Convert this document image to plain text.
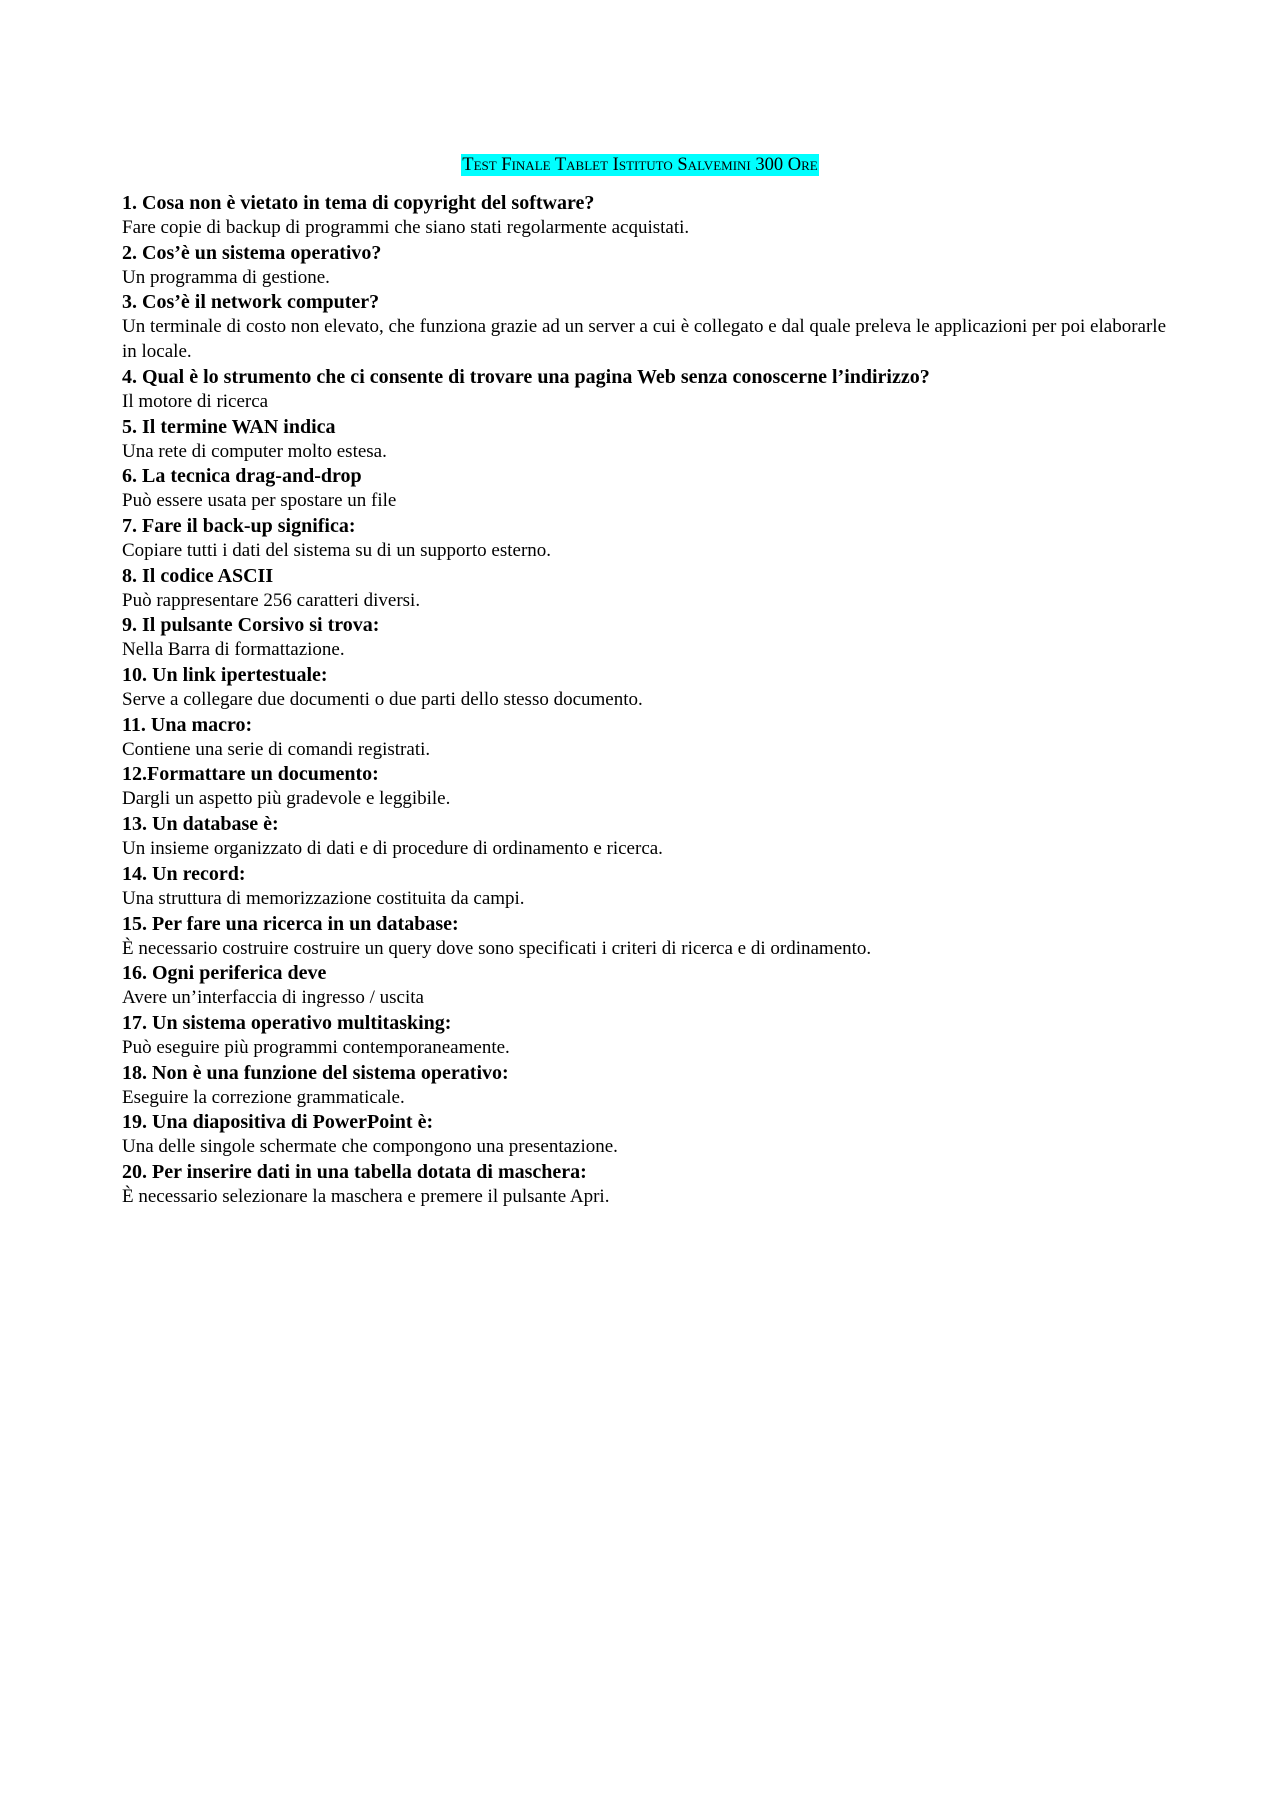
Test Finale Tablet Istituto Salvemini 300 Ore
1. Cosa non è vietato in tema di copyright del software?
Fare copie di backup di programmi che siano stati regolarmente acquistati.
2. Cos’è un sistema operativo?
Un programma di gestione.
3. Cos’è il network computer?
Un terminale di costo non elevato, che funziona grazie ad un server a cui è collegato e dal quale preleva le applicazioni per poi elaborarle in locale.
4. Qual è lo strumento che ci consente di trovare una pagina Web senza conoscerne l’indirizzo?
Il motore di ricerca
5. Il termine WAN indica
Una rete di computer molto estesa.
6. La tecnica drag-and-drop
Può essere usata per spostare un file
7. Fare il back-up significa:
Copiare tutti i dati del sistema su di un supporto esterno.
8. Il codice ASCII
Può rappresentare 256 caratteri diversi.
9. Il pulsante Corsivo si trova:
Nella Barra di formattazione.
10. Un link ipertestuale:
Serve a collegare due documenti o due parti dello stesso documento.
11. Una macro:
Contiene una serie di comandi registrati.
12.Formattare un documento:
Dargli un aspetto più gradevole e leggibile.
13. Un database è:
Un insieme organizzato di dati e di procedure di ordinamento e ricerca.
14. Un record:
Una struttura di memorizzazione costituita da campi.
15. Per fare una ricerca in un database:
È necessario costruire costruire un query dove sono specificati i criteri di ricerca e di ordinamento.
16. Ogni periferica deve
Avere un’interfaccia di ingresso / uscita
17. Un sistema operativo multitasking:
Può eseguire più programmi contemporaneamente.
18. Non è una funzione del sistema operativo:
Eseguire la correzione grammaticale.
19. Una diapositiva di PowerPoint è:
Una delle singole schermate che compongono una presentazione.
20. Per inserire dati in una tabella dotata di maschera:
È necessario selezionare la maschera e premere il pulsante Apri.
